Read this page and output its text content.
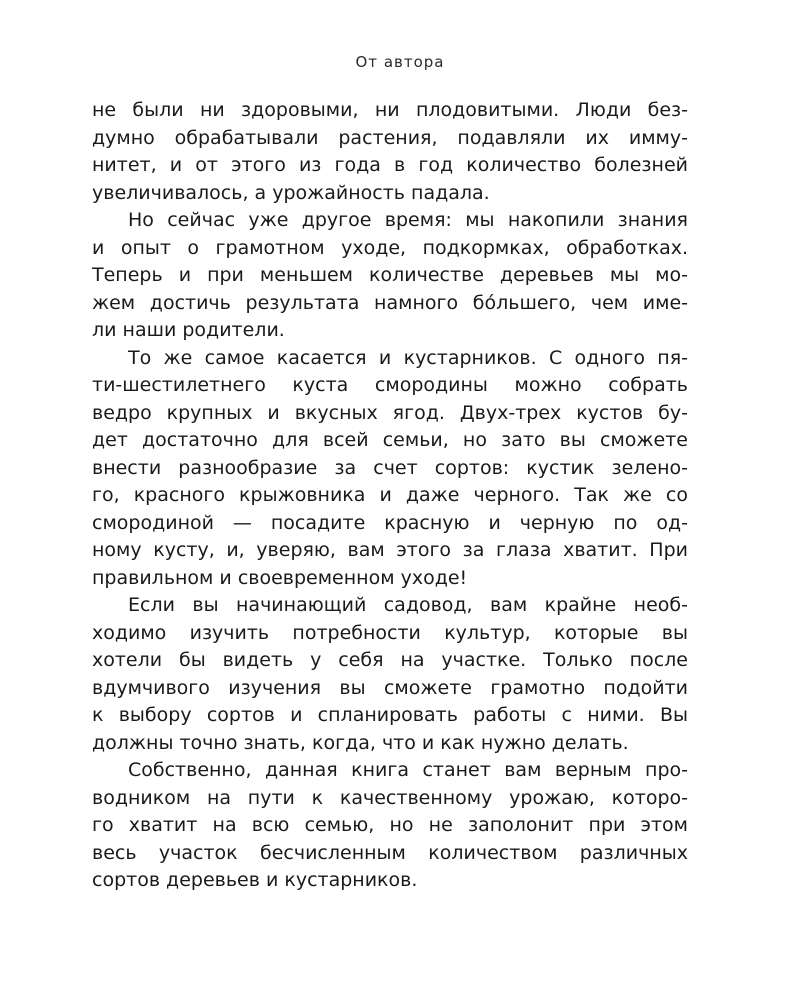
От автора
не были ни здоровыми, ни плодовитыми. Люди без-
думно обрабатывали растения, подавляли их имму-
нитет, и от этого из года в год количество болезней
увеличивалось, а урожайность падала.
Но сейчас уже другое время: мы накопили знания
и опыт о грамотном уходе, подкормках, обработках.
Теперь и при меньшем количестве деревьев мы мо-
жем достичь результата намного бо́льшего, чем име-
ли наши родители.
То же самое касается и кустарников. С одного пя-
ти-шестилетнего куста смородины можно собрать
ведро крупных и вкусных ягод. Двух-трех кустов бу-
дет достаточно для всей семьи, но зато вы сможете
внести разнообразие за счет сортов: кустик зелено-
го, красного крыжовника и даже черного. Так же со
смородиной — посадите красную и черную по од-
ному кусту, и, уверяю, вам этого за глаза хватит. При
правильном и своевременном уходе!
Если вы начинающий садовод, вам крайне необ-
ходимо изучить потребности культур, которые вы
хотели бы видеть у себя на участке. Только после
вдумчивого изучения вы сможете грамотно подойти
к выбору сортов и спланировать работы с ними. Вы
должны точно знать, когда, что и как нужно делать.
Собственно, данная книга станет вам верным про-
водником на пути к качественному урожаю, которо-
го хватит на всю семью, но не заполонит при этом
весь участок бесчисленным количеством различных
сортов деревьев и кустарников.
